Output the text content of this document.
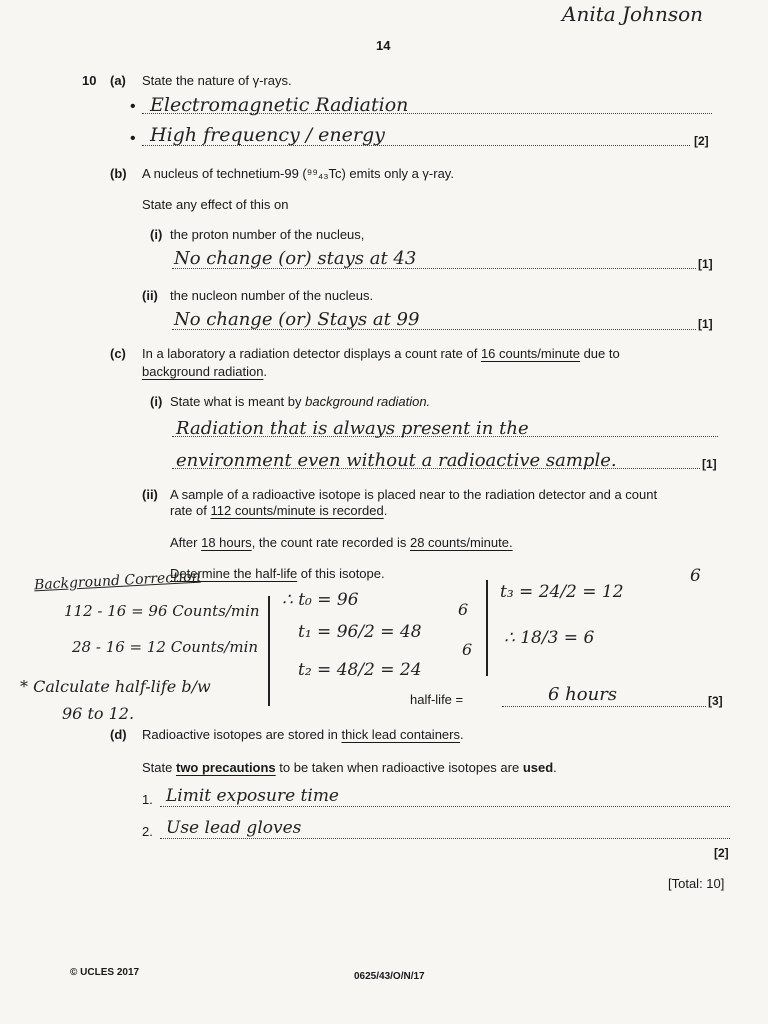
Anita Johnson
14
10 (a) State the nature of γ-rays.
• Electromagnetic Radiation
• High frequency / energy	[2]
(b) A nucleus of technetium-99 (⁹⁹₄₃Tc) emits only a γ-ray.
State any effect of this on
(i) the proton number of the nucleus,
No change (or) stays at 43	[1]
(ii) the nucleon number of the nucleus.
No change (or) Stays at 99	[1]
(c) In a laboratory a radiation detector displays a count rate of 16 counts/minute due to
background radiation.
(i) State what is meant by background radiation.
Radiation that is always present in the
environment even without a radioactive sample.	[1]
(ii) A sample of a radioactive isotope is placed near to the radiation detector and a count
rate of 112 counts/minute is recorded.
After 18 hours, the count rate recorded is 28 counts/minute.
Determine the half-life of this isotope.
Background Correction
112 - 16 = 96 Counts/min
28 - 16 = 12 Counts/min
* Calculate half-life b/w
96 to 12.
∴ t₀ = 96
t₁ = 96/2 = 48
t₂ = 48/2 = 24
6
6
t₃ = 24/2 = 12
6
∴ 18/3 = 6
half-life =	6 hours	[3]
(d) Radioactive isotopes are stored in thick lead containers.
State two precautions to be taken when radioactive isotopes are used.
1. Limit exposure time
2. Use lead gloves
[2]
[Total: 10]
© UCLES 2017	0625/43/O/N/17
